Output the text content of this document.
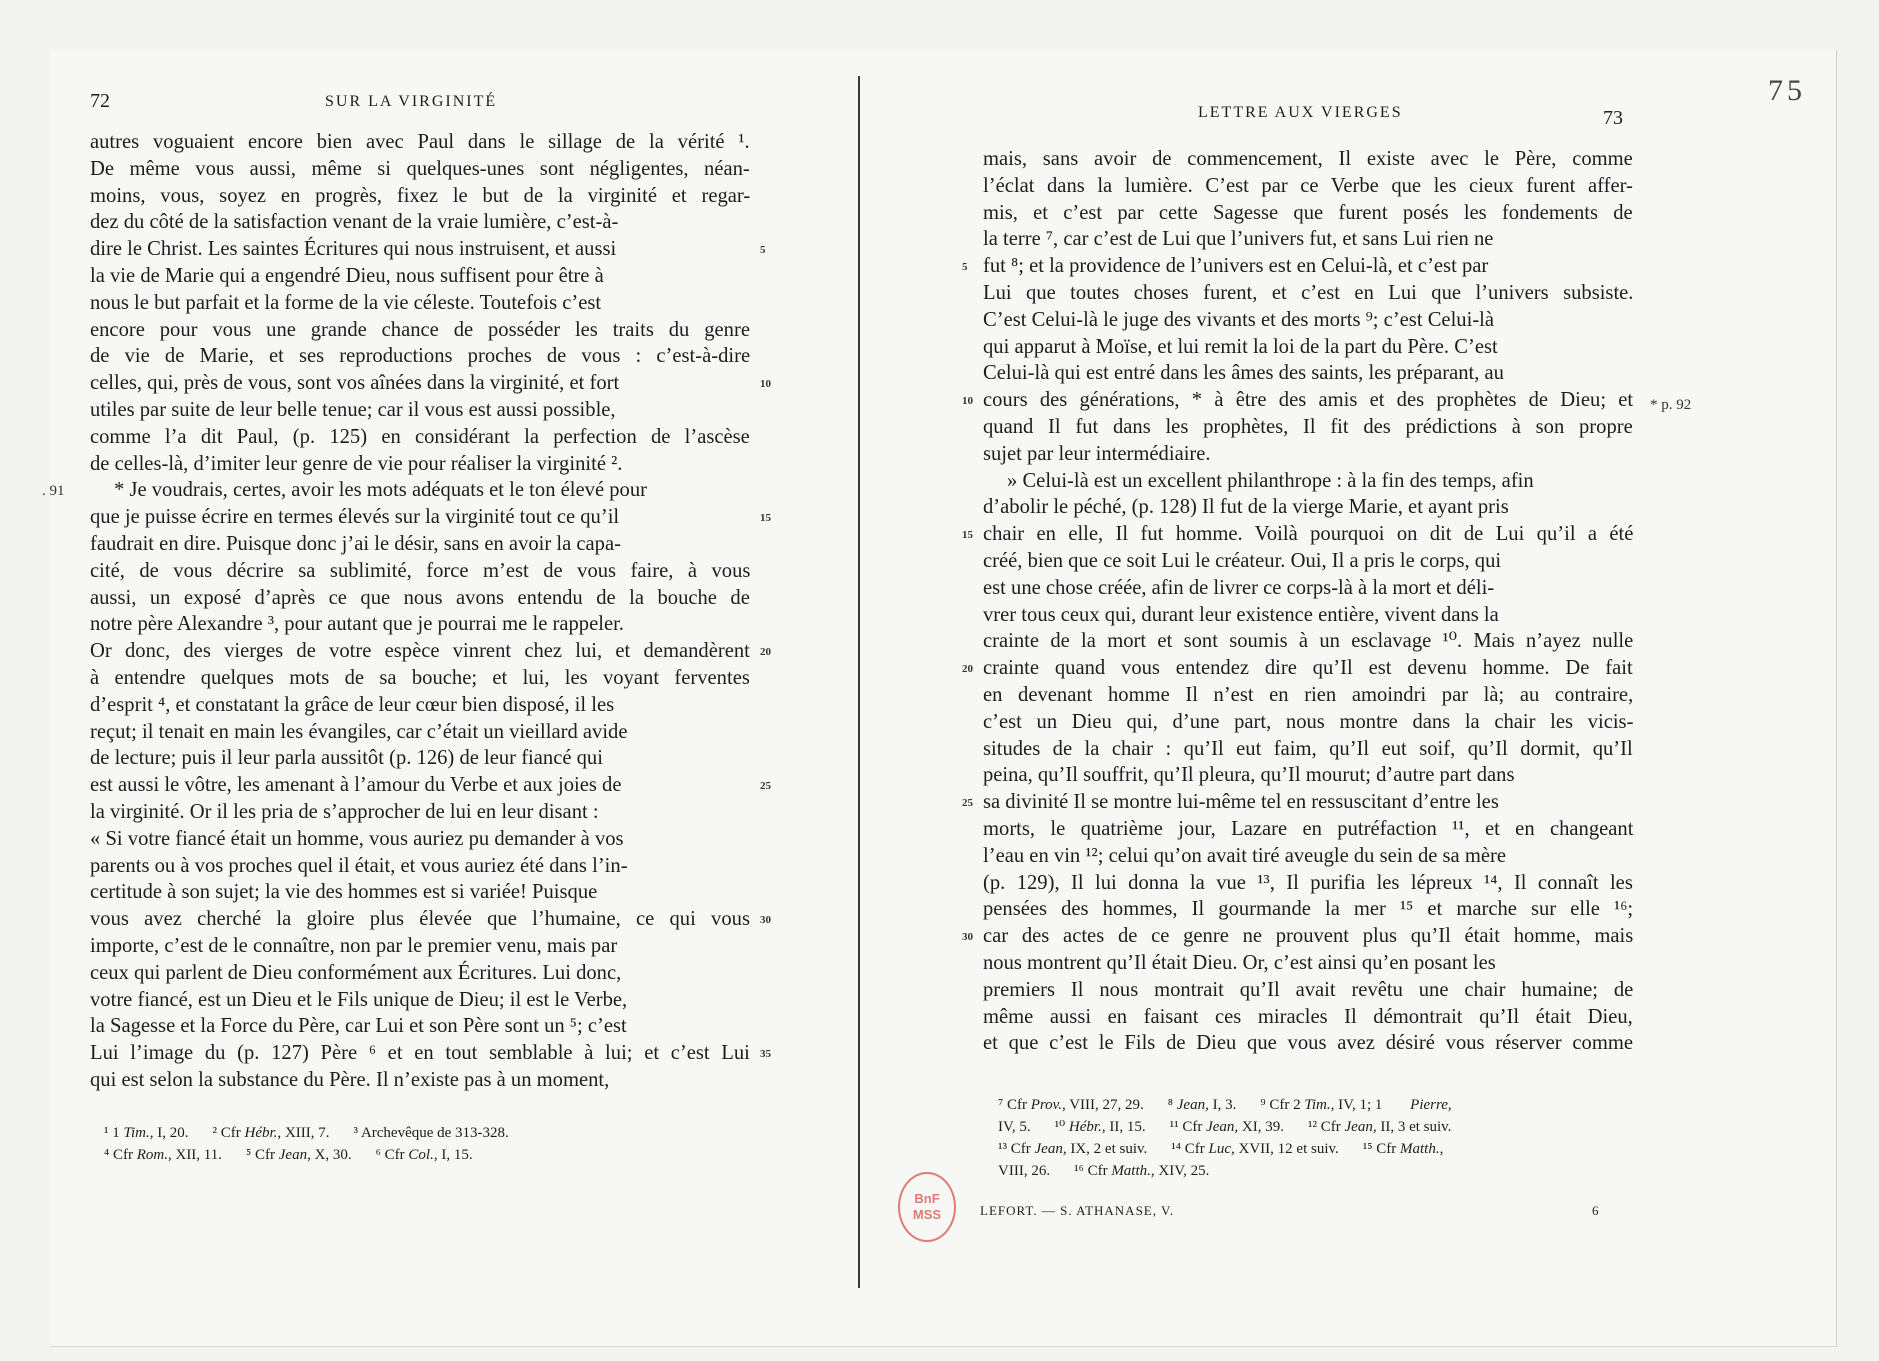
75
72	SUR LA VIRGINITÉ
autres voguaient encore bien avec Paul dans le sillage de la vérité ¹.
De même vous aussi, même si quelques-unes sont négligentes, néan-
moins, vous, soyez en progrès, fixez le but de la virginité et regar-
dez du côté de la satisfaction venant de la vraie lumière, c’est-à-
dire le Christ. Les saintes Écritures qui nous instruisent, et aussi
la vie de Marie qui a engendré Dieu, nous suffisent pour être à
nous le but parfait et la forme de la vie céleste. Toutefois c’est
encore pour vous une grande chance de posséder les traits du genre
de vie de Marie, et ses reproductions proches de vous : c’est-à-dire
celles, qui, près de vous, sont vos aînées dans la virginité, et fort
utiles par suite de leur belle tenue; car il vous est aussi possible,
comme l’a dit Paul, (p. 125) en considérant la perfection de l’ascèse
de celles-là, d’imiter leur genre de vie pour réaliser la virginité ².
* Je voudrais, certes, avoir les mots adéquats et le ton élevé pour
que je puisse écrire en termes élevés sur la virginité tout ce qu’il
faudrait en dire. Puisque donc j’ai le désir, sans en avoir la capa-
cité, de vous décrire sa sublimité, force m’est de vous faire, à vous
aussi, un exposé d’après ce que nous avons entendu de la bouche de
notre père Alexandre ³, pour autant que je pourrai me le rappeler.
Or donc, des vierges de votre espèce vinrent chez lui, et demandèrent
à entendre quelques mots de sa bouche; et lui, les voyant ferventes
d’esprit ⁴, et constatant la grâce de leur cœur bien disposé, il les
reçut; il tenait en main les évangiles, car c’était un vieillard avide
de lecture; puis il leur parla aussitôt (p. 126) de leur fiancé qui
est aussi le vôtre, les amenant à l’amour du Verbe et aux joies de
la virginité. Or il les pria de s’approcher de lui en leur disant :
« Si votre fiancé était un homme, vous auriez pu demander à vos
parents ou à vos proches quel il était, et vous auriez été dans l’in-
certitude à son sujet; la vie des hommes est si variée! Puisque
vous avez cherché la gloire plus élevée que l’humaine, ce qui vous
importe, c’est de le connaître, non par le premier venu, mais par
ceux qui parlent de Dieu conformément aux Écritures. Lui donc,
votre fiancé, est un Dieu et le Fils unique de Dieu; il est le Verbe,
la Sagesse et la Force du Père, car Lui et son Père sont un ⁵; c’est
Lui l’image du (p. 127) Père ⁶ et en tout semblable à lui; et c’est Lui
qui est selon la substance du Père. Il n’existe pas à un moment,
5
10
15
20
25
30
35
. 91
¹ 1 Tim., I, 20. ² Cfr Hébr., XIII, 7. ³ Archevêque de 313-328.
⁴ Cfr Rom., XII, 11. ⁵ Cfr Jean, X, 30. ⁶ Cfr Col., I, 15.
LETTRE AUX VIERGES	73
mais, sans avoir de commencement, Il existe avec le Père, comme
l’éclat dans la lumière. C’est par ce Verbe que les cieux furent affer-
mis, et c’est par cette Sagesse que furent posés les fondements de
la terre ⁷, car c’est de Lui que l’univers fut, et sans Lui rien ne
fut ⁸; et la providence de l’univers est en Celui-là, et c’est par
Lui que toutes choses furent, et c’est en Lui que l’univers subsiste.
C’est Celui-là le juge des vivants et des morts ⁹; c’est Celui-là
qui apparut à Moïse, et lui remit la loi de la part du Père. C’est
Celui-là qui est entré dans les âmes des saints, les préparant, au
cours des générations, * à être des amis et des prophètes de Dieu; et
quand Il fut dans les prophètes, Il fit des prédictions à son propre
sujet par leur intermédiaire.
» Celui-là est un excellent philanthrope : à la fin des temps, afin
d’abolir le péché, (p. 128) Il fut de la vierge Marie, et ayant pris
chair en elle, Il fut homme. Voilà pourquoi on dit de Lui qu’il a été
créé, bien que ce soit Lui le créateur. Oui, Il a pris le corps, qui
est une chose créée, afin de livrer ce corps-là à la mort et déli-
vrer tous ceux qui, durant leur existence entière, vivent dans la
crainte de la mort et sont soumis à un esclavage ¹⁰. Mais n’ayez nulle
crainte quand vous entendez dire qu’Il est devenu homme. De fait
en devenant homme Il n’est en rien amoindri par là; au contraire,
c’est un Dieu qui, d’une part, nous montre dans la chair les vicis-
situdes de la chair : qu’Il eut faim, qu’Il eut soif, qu’Il dormit, qu’Il
peina, qu’Il souffrit, qu’Il pleura, qu’Il mourut; d’autre part dans
sa divinité Il se montre lui-même tel en ressuscitant d’entre les
morts, le quatrième jour, Lazare en putréfaction ¹¹, et en changeant
l’eau en vin ¹²; celui qu’on avait tiré aveugle du sein de sa mère
(p. 129), Il lui donna la vue ¹³, Il purifia les lépreux ¹⁴, Il connaît les
pensées des hommes, Il gourmande la mer ¹⁵ et marche sur elle ¹⁶;
car des actes de ce genre ne prouvent plus qu’Il était homme, mais
nous montrent qu’Il était Dieu. Or, c’est ainsi qu’en posant les
premiers Il nous montrait qu’Il avait revêtu une chair humaine; de
même aussi en faisant ces miracles Il démontrait qu’Il était Dieu,
et que c’est le Fils de Dieu que vous avez désiré vous réserver comme
5
10
15
20
25
30
* p. 92
⁷ Cfr Prov., VIII, 27, 29. ⁸ Jean, I, 3. ⁹ Cfr 2 Tim., IV, 1; 1 Pierre,
IV, 5. ¹⁰ Hébr., II, 15. ¹¹ Cfr Jean, XI, 39. ¹² Cfr Jean, II, 3 et suiv.
¹³ Cfr Jean, IX, 2 et suiv. ¹⁴ Cfr Luc, XVII, 12 et suiv. ¹⁵ Cfr Matth.,
VIII, 26. ¹⁶ Cfr Matth., XIV, 25.
BnF
MSS	LEFORT. — S. ATHANASE, V.	6
